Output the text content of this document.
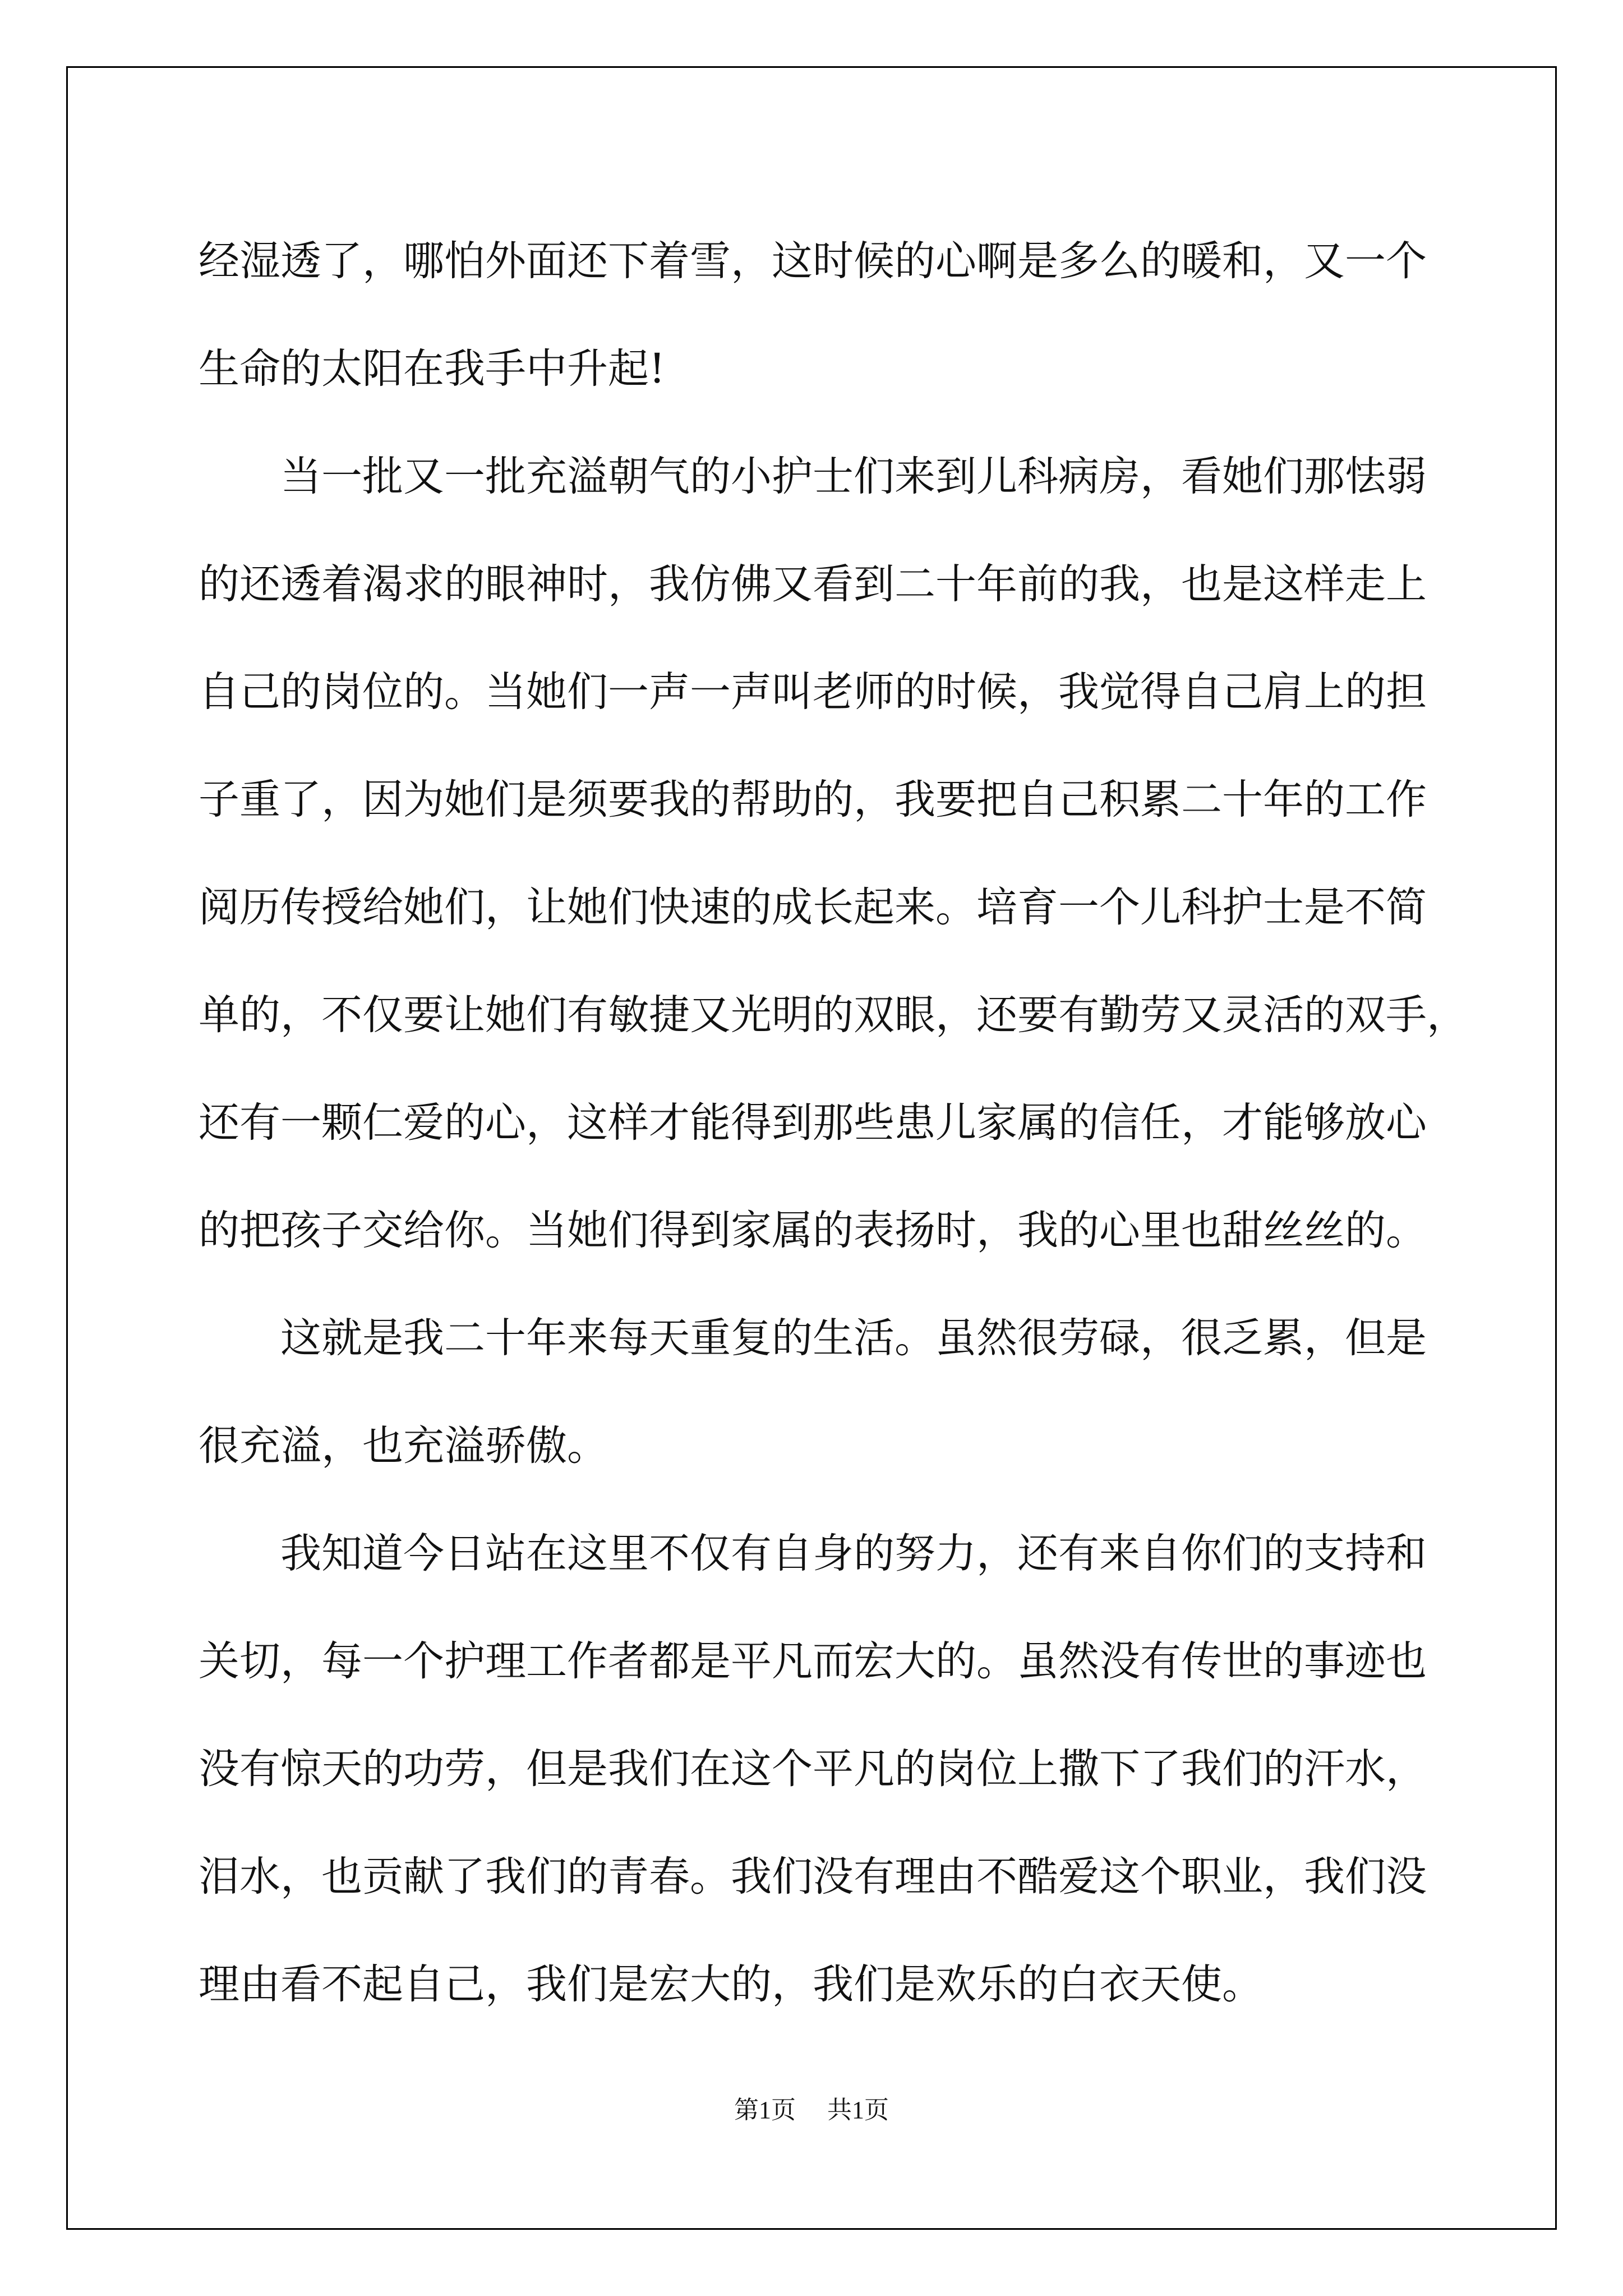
经湿透了，哪怕外面还下着雪，这时候的心啊是多么的暖和，又一个
生命的太阳在我手中升起!

当一批又一批充溢朝气的小护士们来到儿科病房，看她们那怯弱
的还透着渴求的眼神时，我仿佛又看到二十年前的我，也是这样走上
自己的岗位的。当她们一声一声叫老师的时候，我觉得自己肩上的担
子重了，因为她们是须要我的帮助的，我要把自己积累二十年的工作
阅历传授给她们，让她们快速的成长起来。培育一个儿科护士是不简
单的，不仅要让她们有敏捷又光明的双眼，还要有勤劳又灵活的双手，
还有一颗仁爱的心，这样才能得到那些患儿家属的信任，才能够放心
的把孩子交给你。当她们得到家属的表扬时，我的心里也甜丝丝的。

这就是我二十年来每天重复的生活。虽然很劳碌，很乏累，但是
很充溢，也充溢骄傲。

我知道今日站在这里不仅有自身的努力，还有来自你们的支持和
关切，每一个护理工作者都是平凡而宏大的。虽然没有传世的事迹也
没有惊天的功劳，但是我们在这个平凡的岗位上撒下了我们的汗水，
泪水，也贡献了我们的青春。我们没有理由不酷爱这个职业，我们没
理由看不起自己，我们是宏大的，我们是欢乐的白衣天使。

第1页 共1页
